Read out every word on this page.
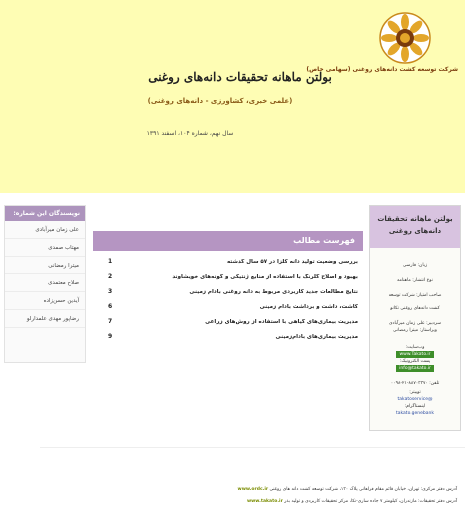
شرکت توسعه کشت دانه‌های روغنی (سهامی خاص)
بولتن ماهانه تحقیقات دانه‌های روغنی
(علمی خبری، کشاورزی - دانه‌های روغنی)
سال نهم، شماره ۱۰۴، اسفند ۱۳۹۱
بولتن ماهانه تحقیقات
دانه‌های روغنی
زبان: فارسی
نوع انتشار: ماهنامه
صاحب امتیاز: شرکت توسعه
کشت دانه‌های روغنی تکانو
سردبیر: علی زمان میرآبادی
ویراستار: میترا رمضانی
وب‌سایت:
www.Takato.ir
پست الکترونیک:
info@takato.ir
تلفن: ۸۸۷۰۳۳۷۰-۲۱-۰۰۹۸
توییتر:
@takatoservice
اینستاگرام:
takato.genebank
فهرست مطالب
بررسی وضعیت تولید دانه کلزا در ۵۷ سال گذشته
1
بهبود و اصلاح گلرنگ با استفاده از منابع ژنتیکی و گونه‌های خویشاوند
2
نتایج مطالعات جدید کاربردی مربوط به دانه روغنی بادام زمینی
3
کاشت، داشت و برداشت بادام زمینی
6
مدیریت بیماری‌های گیاهی با استفاده از روش‌های زراعی
7
مدیریت بیماری‌های بادام‌زمینی
9
نویسندگان این شماره:
علی زمان میرآبادی
مهتاب صمدی
میترا رمضانی
صلاح معتمدی
آیدین حسن‌زاده
رضاپور مهدی علمدارلو
آدرس دفتر مرکزی: تهران، خیابان قائم مقام فراهانی پلاک ۱۳۰، شرکت توسعه کشت دانه های روغنی www.ordc.ir
آدرس دفتر تحقیقات: مازندران، کیلومتر ۷ جاده ساری-نکا، مرکز تحقیقات کاربردی و تولید بذر www.takato.ir
